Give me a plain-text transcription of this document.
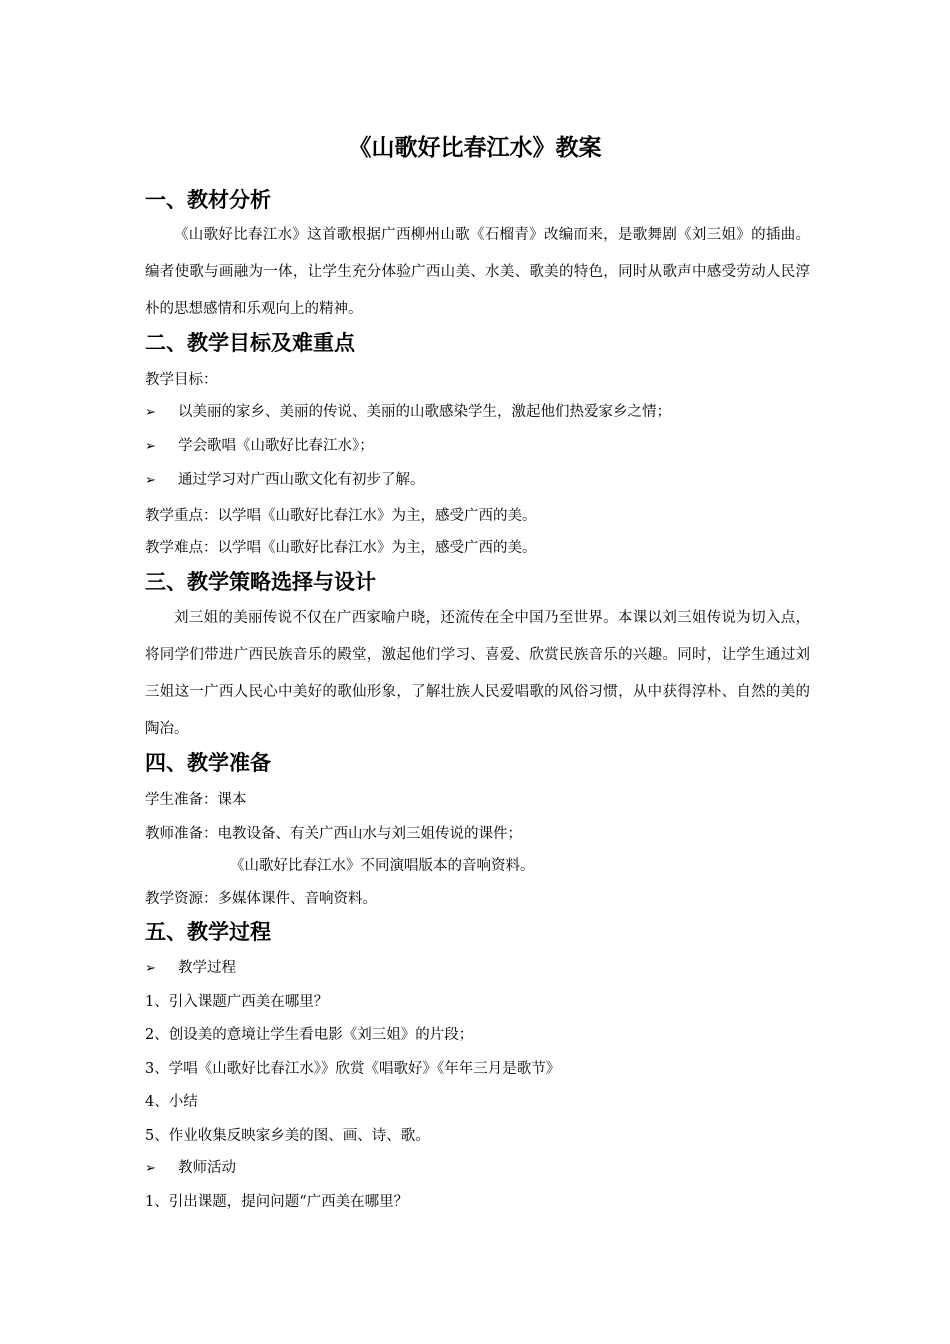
《山歌好比春江水》教案
一、教材分析
《山歌好比春江水》这首歌根据广西柳州山歌《石榴青》改编而来，是歌舞剧《刘三姐》的插曲。编者使歌与画融为一体，让学生充分体验广西山美、水美、歌美的特色，同时从歌声中感受劳动人民淳朴的思想感情和乐观向上的精神。
二、教学目标及难重点
教学目标：
➢ 以美丽的家乡、美丽的传说、美丽的山歌感染学生，激起他们热爱家乡之情；
➢ 学会歌唱《山歌好比春江水》；
➢ 通过学习对广西山歌文化有初步了解。
教学重点：以学唱《山歌好比春江水》为主，感受广西的美。
教学难点：以学唱《山歌好比春江水》为主，感受广西的美。
三、教学策略选择与设计
刘三姐的美丽传说不仅在广西家喻户晓，还流传在全中国乃至世界。本课以刘三姐传说为切入点，将同学们带进广西民族音乐的殿堂，激起他们学习、喜爱、欣赏民族音乐的兴趣。同时，让学生通过刘三姐这一广西人民心中美好的歌仙形象，了解壮族人民爱唱歌的风俗习惯，从中获得淳朴、自然的美的陶冶。
四、教学准备
学生准备：课本
教师准备：电教设备、有关广西山水与刘三姐传说的课件；
《山歌好比春江水》不同演唱版本的音响资料。
教学资源：多媒体课件、音响资料。
五、教学过程
➢ 教学过程
1、引入课题广西美在哪里？
2、创设美的意境让学生看电影《刘三姐》的片段；
3、学唱《山歌好比春江水》》欣赏《唱歌好》《年年三月是歌节》
4、小结
5、作业收集反映家乡美的图、画、诗、歌。
➢ 教师活动
1、引出课题，提问问题“广西美在哪里？
